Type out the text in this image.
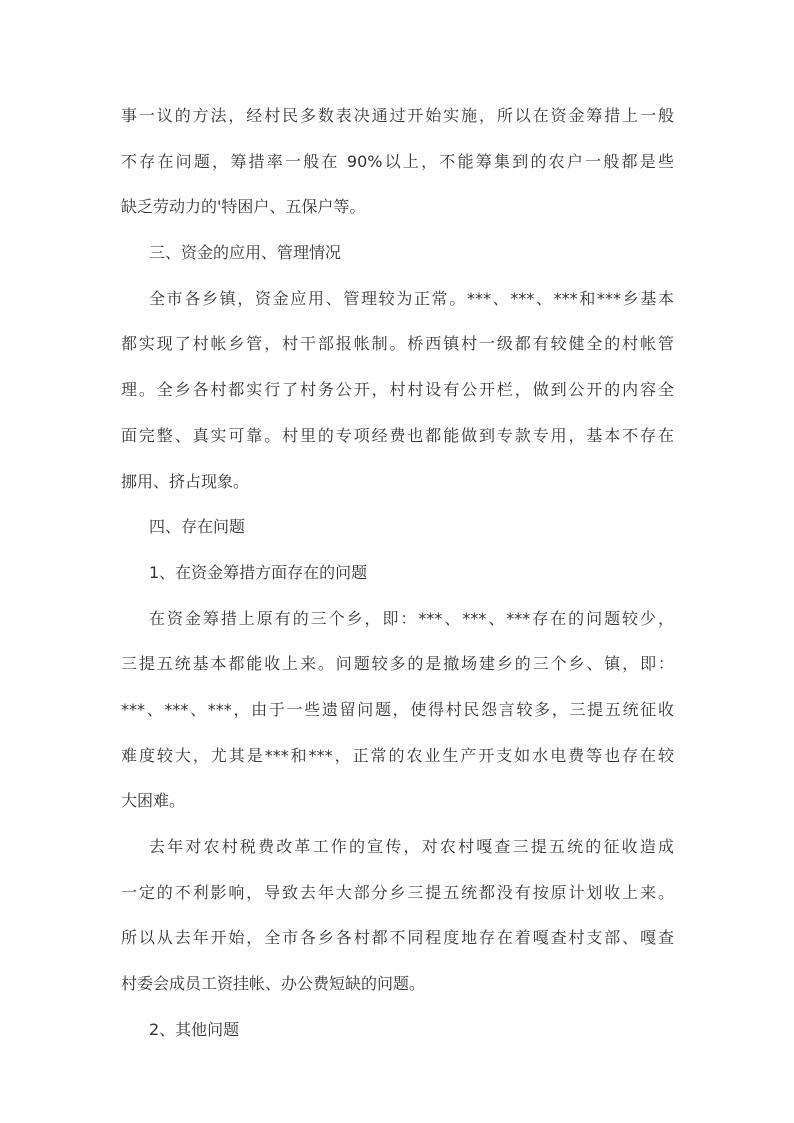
事一议的方法，经村民多数表决通过开始实施，所以在资金筹措上一般
不存在问题，筹措率一般在 90%以上，不能筹集到的农户一般都是些
缺乏劳动力的'特困户、五保户等。
三、资金的应用、管理情况
全市各乡镇，资金应用、管理较为正常。***、***、***和***乡基本
都实现了村帐乡管，村干部报帐制。桥西镇村一级都有较健全的村帐管
理。全乡各村都实行了村务公开，村村设有公开栏，做到公开的内容全
面完整、真实可靠。村里的专项经费也都能做到专款专用，基本不存在
挪用、挤占现象。
四、存在问题
1、在资金筹措方面存在的问题
在资金筹措上原有的三个乡，即：***、***、***存在的问题较少，
三提五统基本都能收上来。问题较多的是撤场建乡的三个乡、镇，即：
***、***、***，由于一些遗留问题，使得村民怨言较多，三提五统征收
难度较大，尤其是***和***，正常的农业生产开支如水电费等也存在较
大困难。
去年对农村税费改革工作的宣传，对农村嘎查三提五统的征收造成
一定的不利影响，导致去年大部分乡三提五统都没有按原计划收上来。
所以从去年开始，全市各乡各村都不同程度地存在着嘎查村支部、嘎查
村委会成员工资挂帐、办公费短缺的问题。
2、其他问题
